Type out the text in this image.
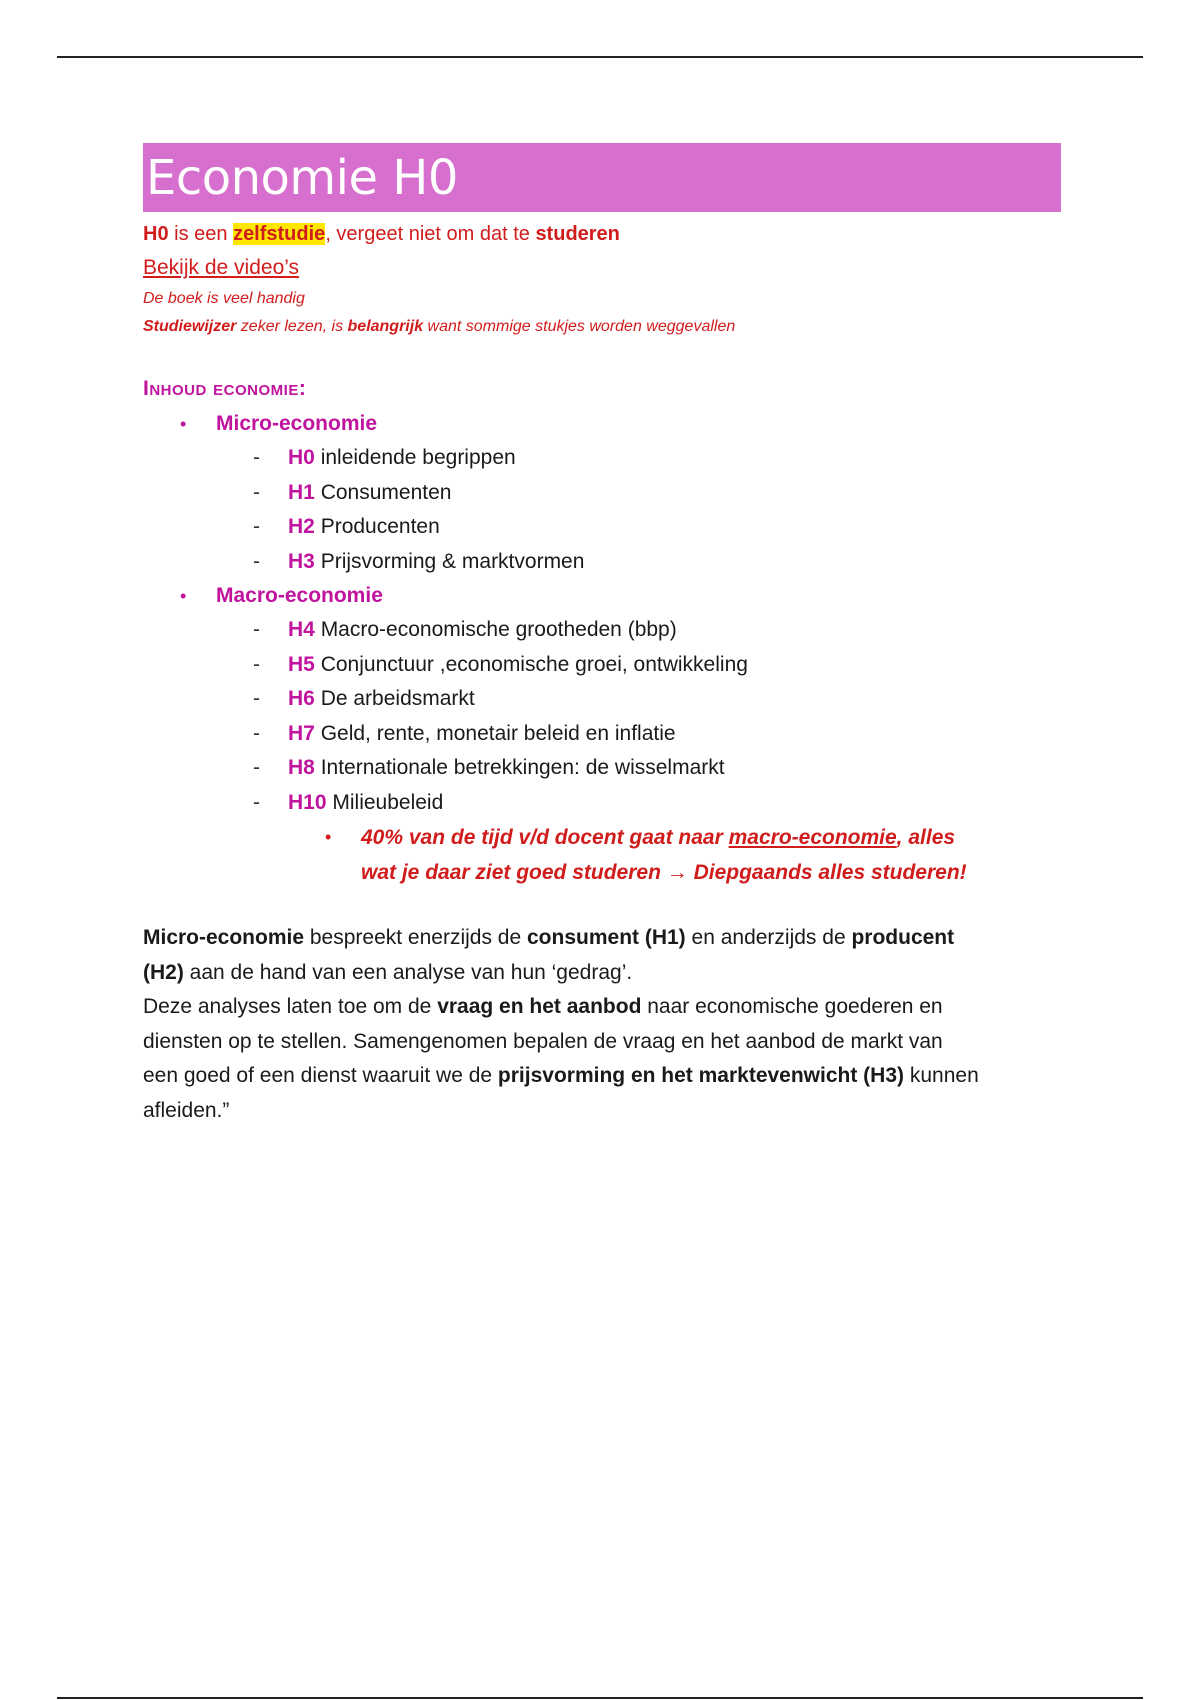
Economie H0
H0 is een zelfstudie, vergeet niet om dat te studeren
Bekijk de video’s
De boek is veel handig
Studiewijzer zeker lezen, is belangrijk want sommige stukjes worden weggevallen
Inhoud economie:
• Micro-economie
- H0 inleidende begrippen
- H1 Consumenten
- H2 Producenten
- H3 Prijsvorming & marktvormen
• Macro-economie
- H4 Macro-economische grootheden (bbp)
- H5 Conjunctuur ,economische groei, ontwikkeling
- H6 De arbeidsmarkt
- H7 Geld, rente, monetair beleid en inflatie
- H8 Internationale betrekkingen: de wisselmarkt
- H10 Milieubeleid
• 40% van de tijd v/d docent gaat naar macro-economie, alles

wat je daar ziet goed studeren → Diepgaands alles studeren!

Micro-economie bespreekt enerzijds de consument (H1) en anderzijds de producent

(H2) aan de hand van een analyse van hun ‘gedrag’.

Deze analyses laten toe om de vraag en het aanbod naar economische goederen en

diensten op te stellen. Samengenomen bepalen de vraag en het aanbod de markt van

een goed of een dienst waaruit we de prijsvorming en het marktevenwicht (H3) kunnen

afleiden.”
